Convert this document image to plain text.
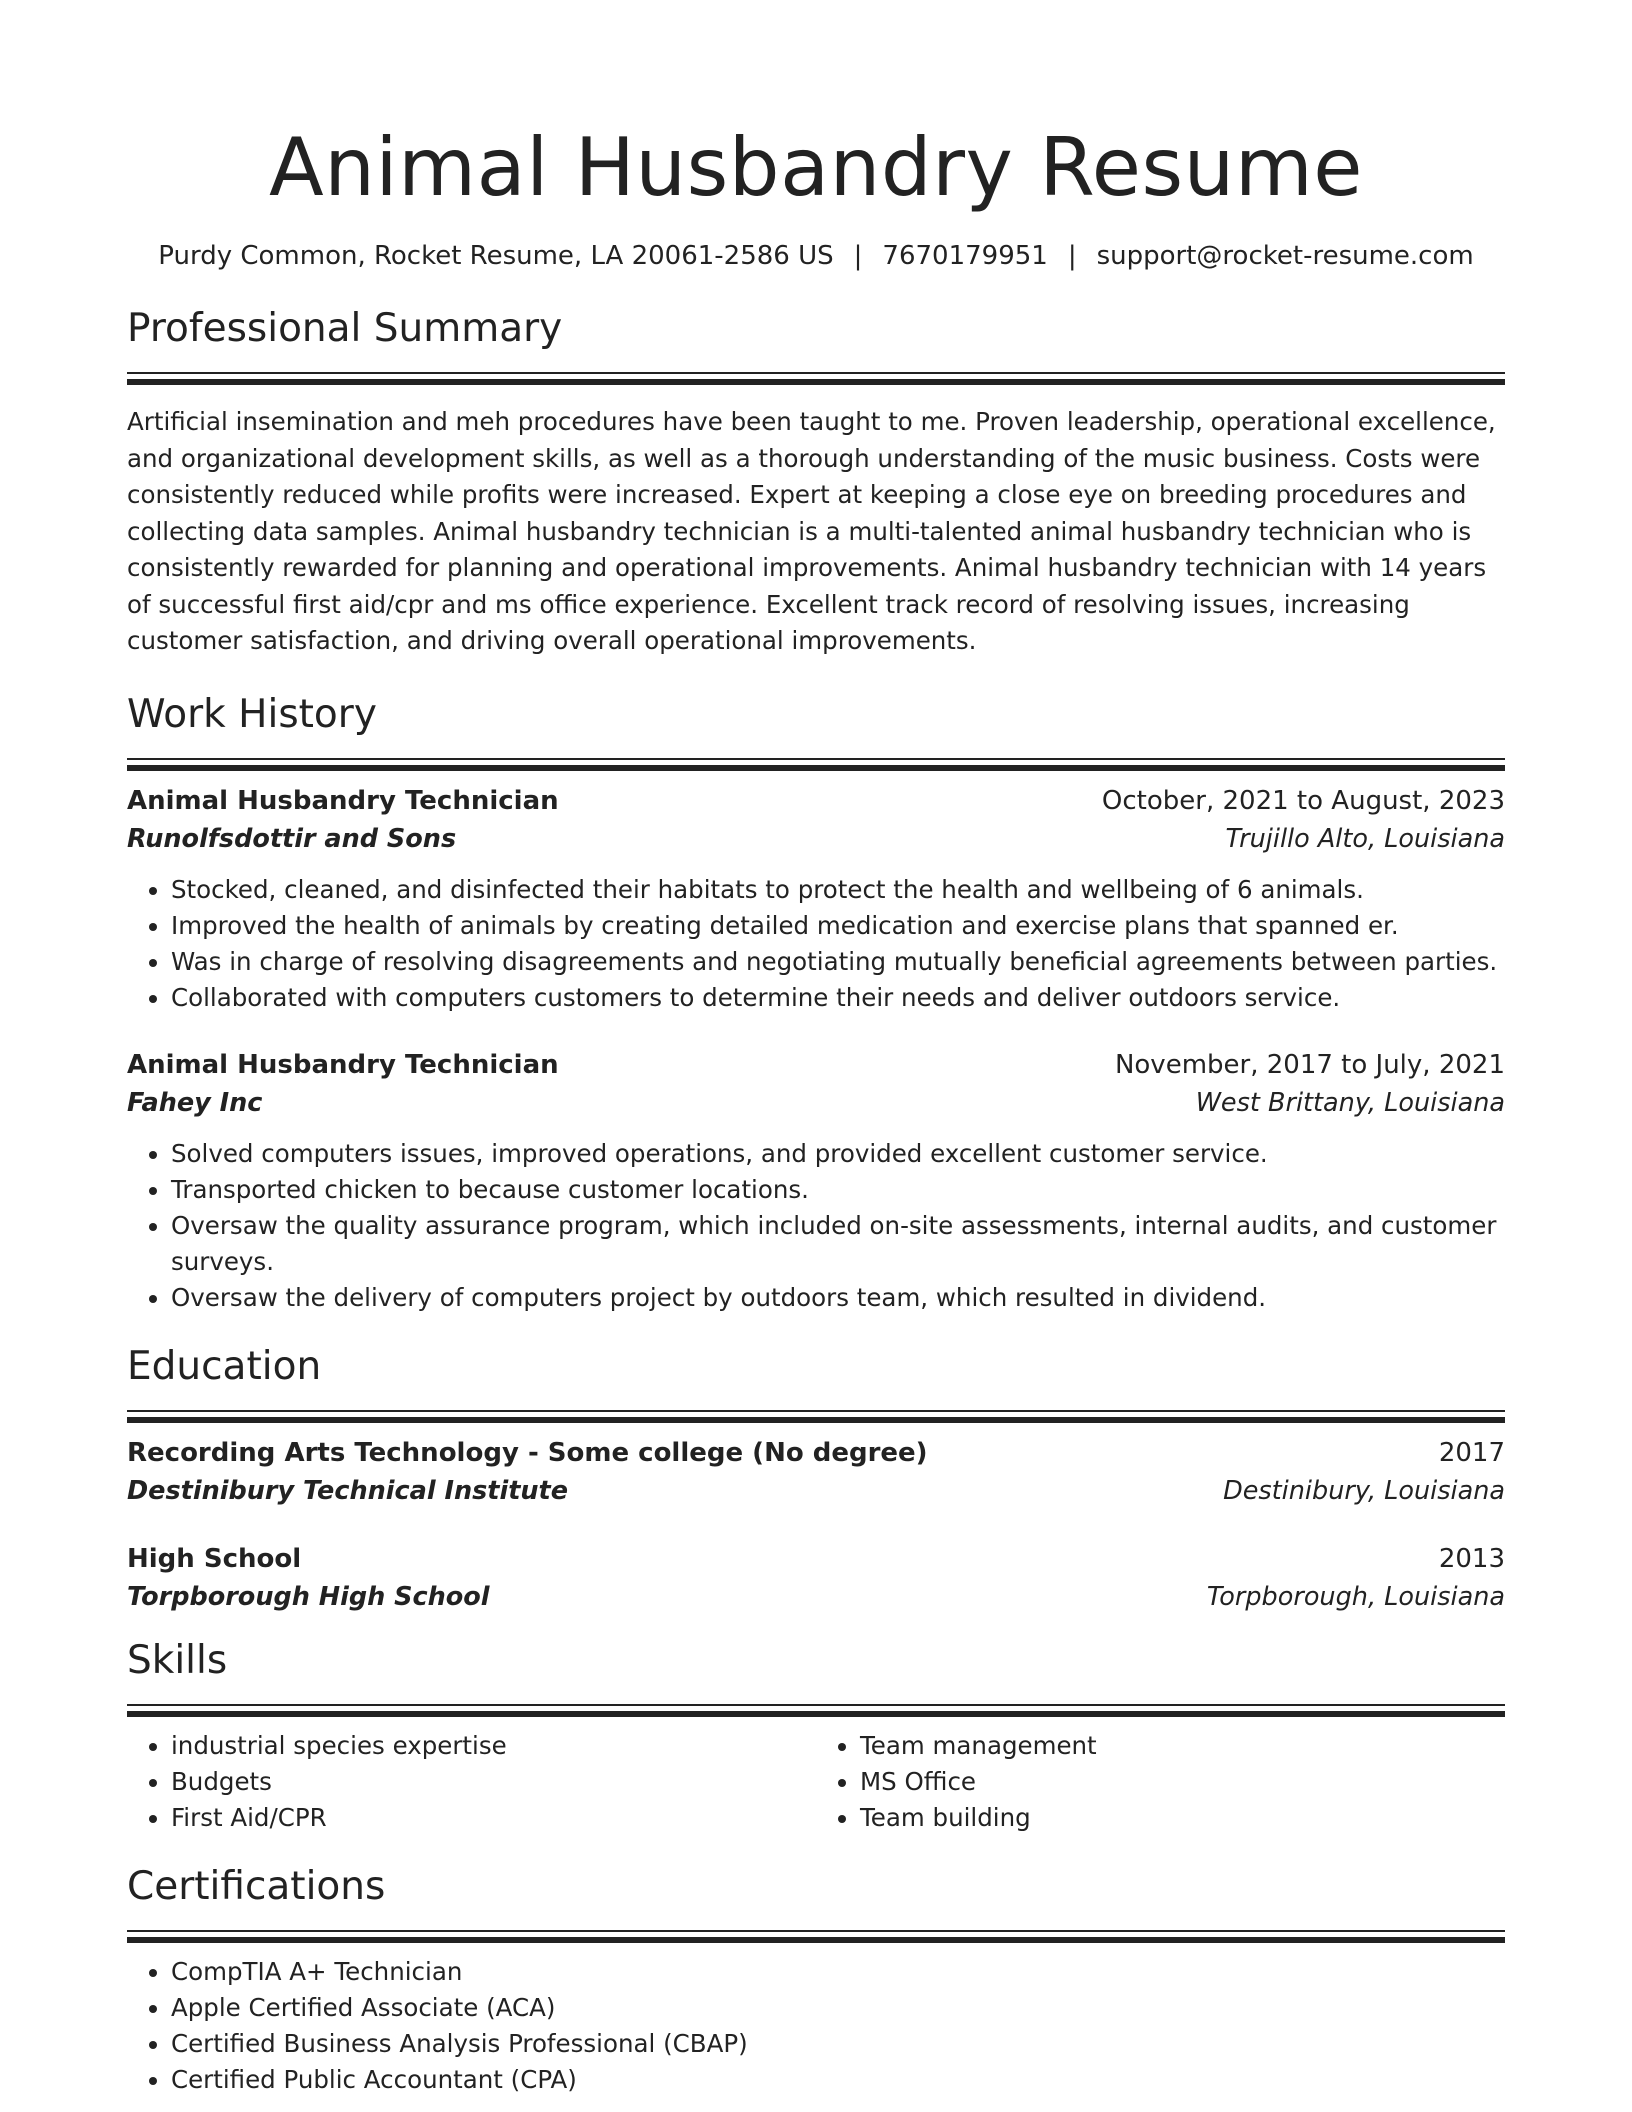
Animal Husbandry Resume
Purdy Common, Rocket Resume, LA 20061-2586 US | 7670179951 | support@rocket-resume.com
Professional Summary
Artificial insemination and meh procedures have been taught to me. Proven leadership, operational excellence, and organizational development skills, as well as a thorough understanding of the music business. Costs were consistently reduced while profits were increased. Expert at keeping a close eye on breeding procedures and collecting data samples. Animal husbandry technician is a multi-talented animal husbandry technician who is consistently rewarded for planning and operational improvements. Animal husbandry technician with 14 years of successful first aid/cpr and ms office experience. Excellent track record of resolving issues, increasing customer satisfaction, and driving overall operational improvements.
Work History
Animal Husbandry Technician	October, 2021 to August, 2023
Runolfsdottir and Sons	Trujillo Alto, Louisiana
• Stocked, cleaned, and disinfected their habitats to protect the health and wellbeing of 6 animals.
• Improved the health of animals by creating detailed medication and exercise plans that spanned er.
• Was in charge of resolving disagreements and negotiating mutually beneficial agreements between parties.
• Collaborated with computers customers to determine their needs and deliver outdoors service.
Animal Husbandry Technician	November, 2017 to July, 2021
Fahey Inc	West Brittany, Louisiana
• Solved computers issues, improved operations, and provided excellent customer service.
• Transported chicken to because customer locations.
• Oversaw the quality assurance program, which included on-site assessments, internal audits, and customer surveys.
• Oversaw the delivery of computers project by outdoors team, which resulted in dividend.
Education
Recording Arts Technology - Some college (No degree)	2017
Destinibury Technical Institute	Destinibury, Louisiana
High School	2013
Torpborough High School	Torpborough, Louisiana
Skills
• industrial species expertise
• Budgets
• First Aid/CPR
• Team management
• MS Office
• Team building
Certifications
• CompTIA A+ Technician
• Apple Certified Associate (ACA)
• Certified Business Analysis Professional (CBAP)
• Certified Public Accountant (CPA)
